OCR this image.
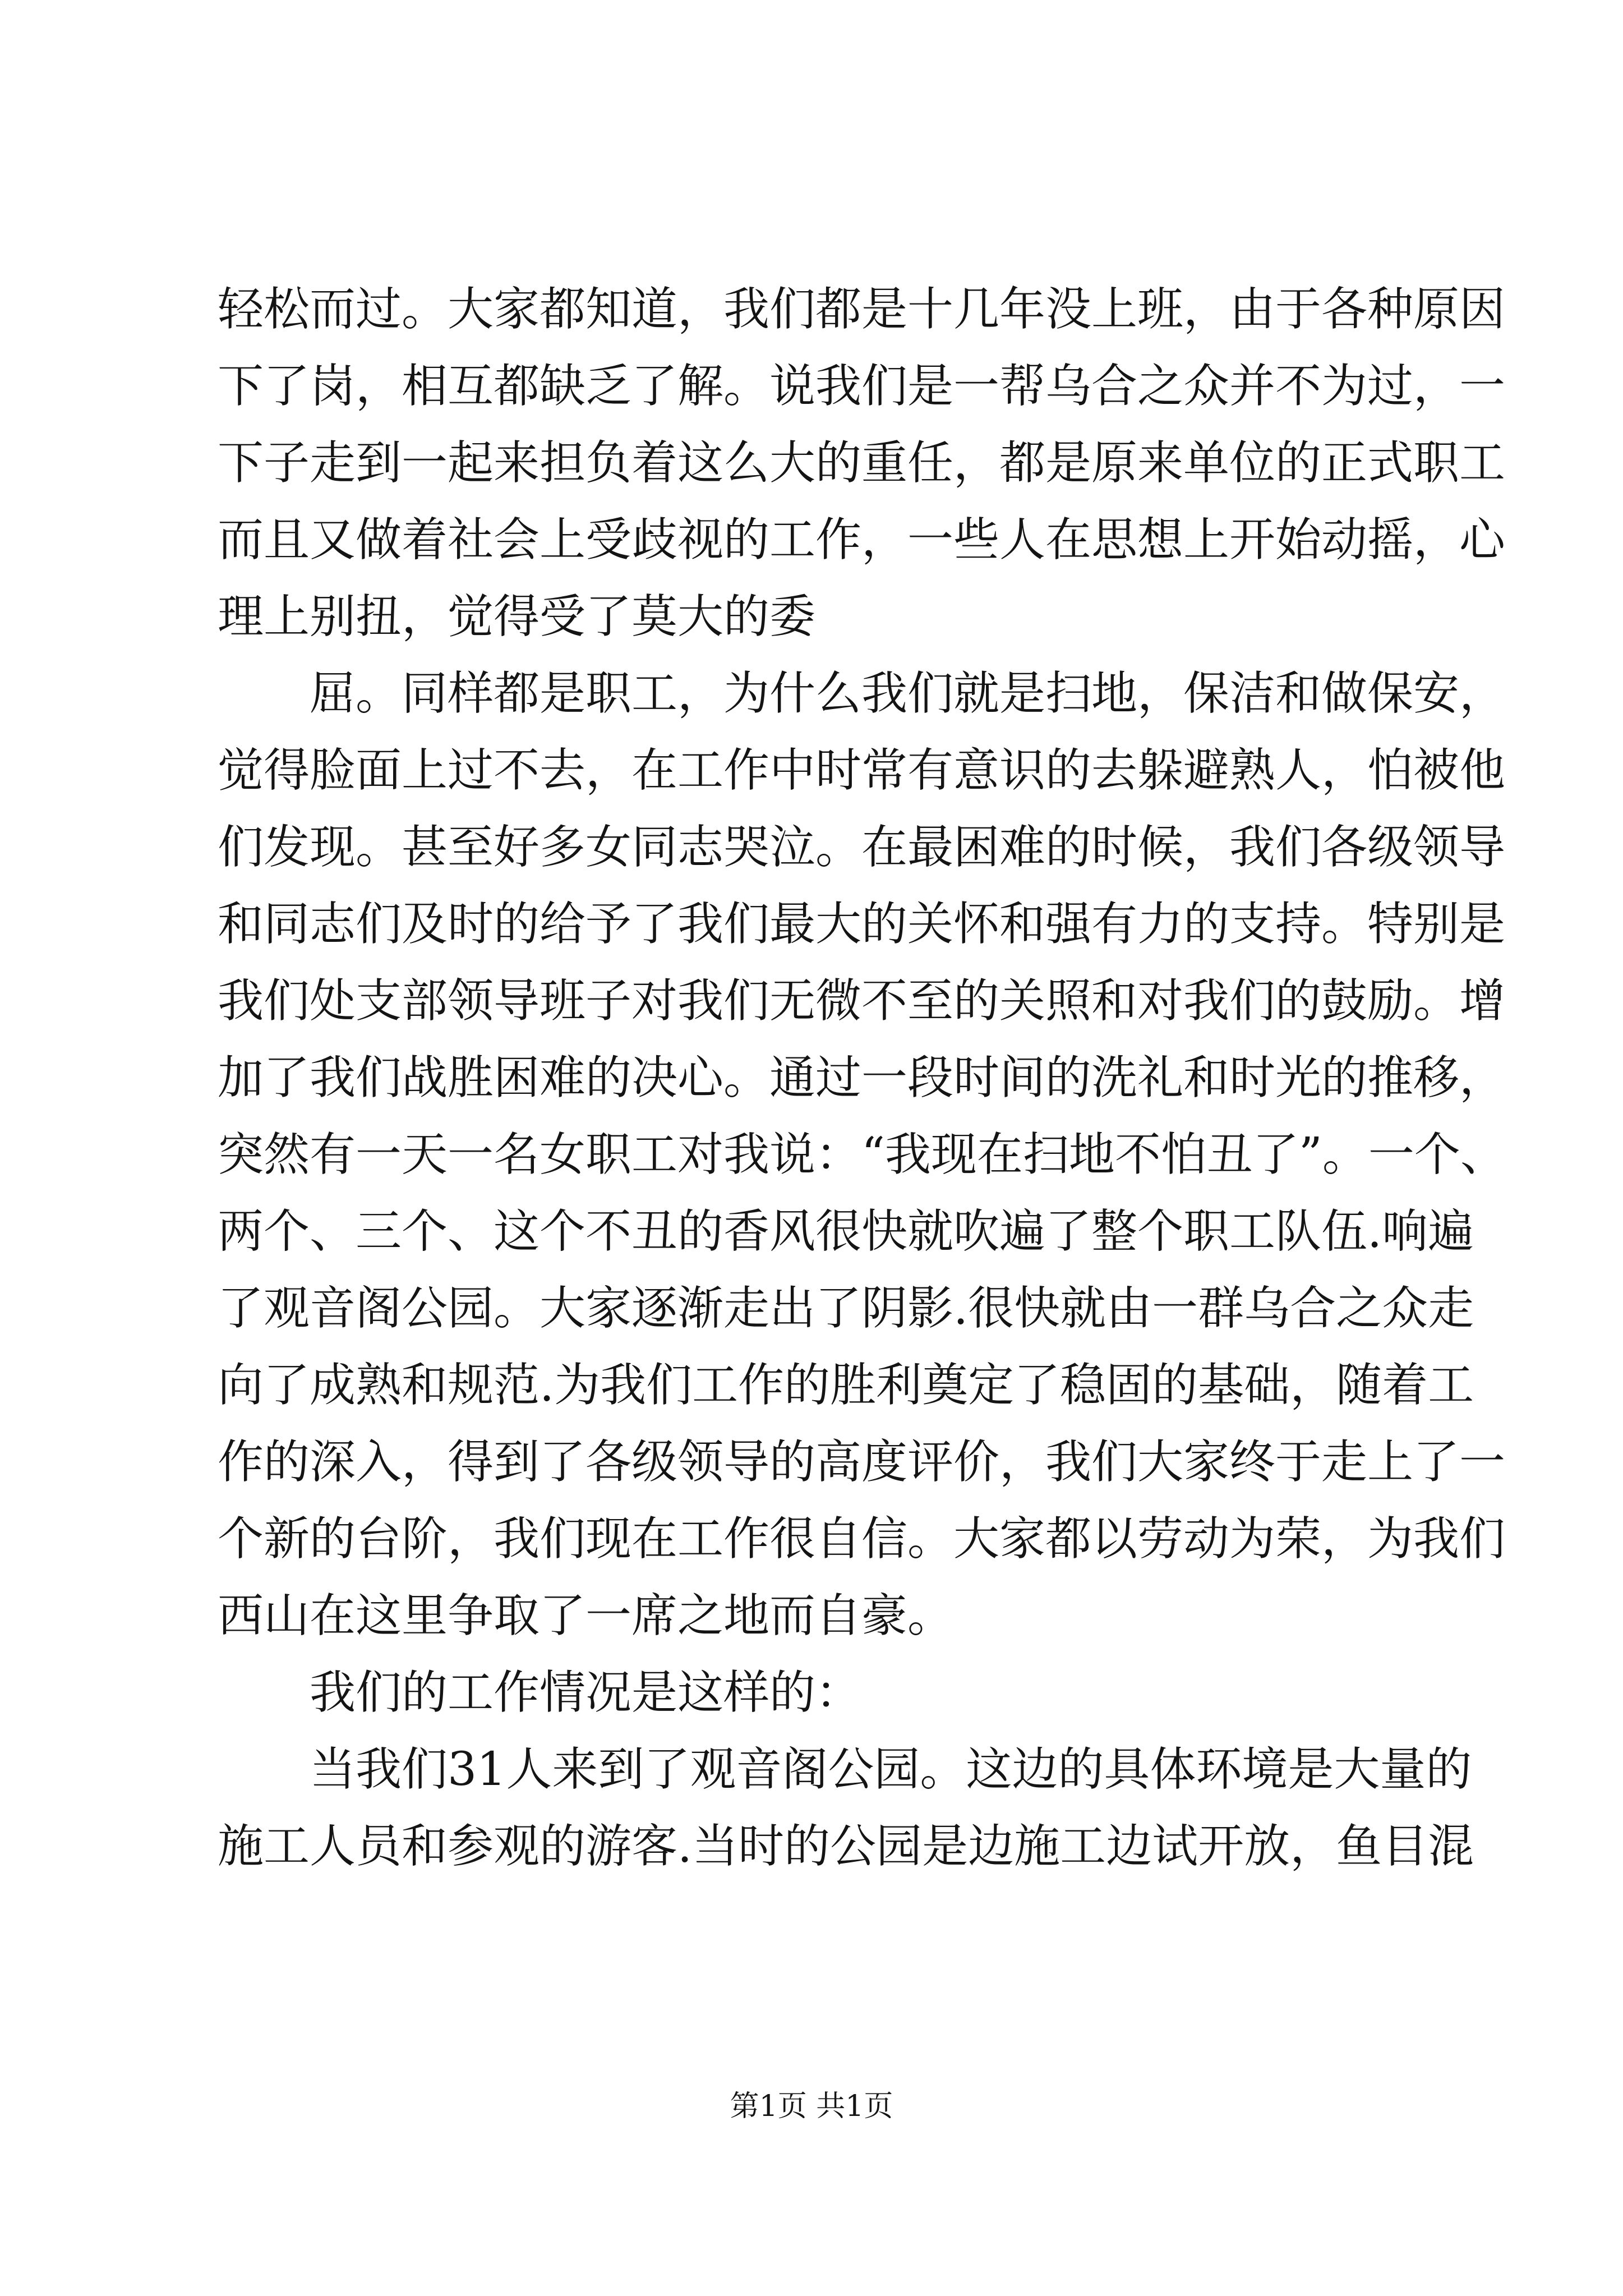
轻松而过。大家都知道，我们都是十几年没上班，由于各种原因
下了岗，相互都缺乏了解。说我们是一帮乌合之众并不为过，一
下子走到一起来担负着这么大的重任，都是原来单位的正式职工
而且又做着社会上受歧视的工作，一些人在思想上开始动摇，心
理上别扭，觉得受了莫大的委
屈。同样都是职工，为什么我们就是扫地，保洁和做保安，
觉得脸面上过不去，在工作中时常有意识的去躲避熟人，怕被他
们发现。甚至好多女同志哭泣。在最困难的时候，我们各级领导
和同志们及时的给予了我们最大的关怀和强有力的支持。特别是
我们处支部领导班子对我们无微不至的关照和对我们的鼓励。增
加了我们战胜困难的决心。通过一段时间的洗礼和时光的推移，
突然有一天一名女职工对我说：“我现在扫地不怕丑了”。一个、
两个、三个、这个不丑的香风很快就吹遍了整个职工队伍.响遍
了观音阁公园。大家逐渐走出了阴影.很快就由一群乌合之众走
向了成熟和规范.为我们工作的胜利奠定了稳固的基础，随着工
作的深入，得到了各级领导的高度评价，我们大家终于走上了一
个新的台阶，我们现在工作很自信。大家都以劳动为荣，为我们
西山在这里争取了一席之地而自豪。
我们的工作情况是这样的：
当我们31人来到了观音阁公园。这边的具体环境是大量的
施工人员和参观的游客.当时的公园是边施工边试开放，鱼目混
第1页 共1页
